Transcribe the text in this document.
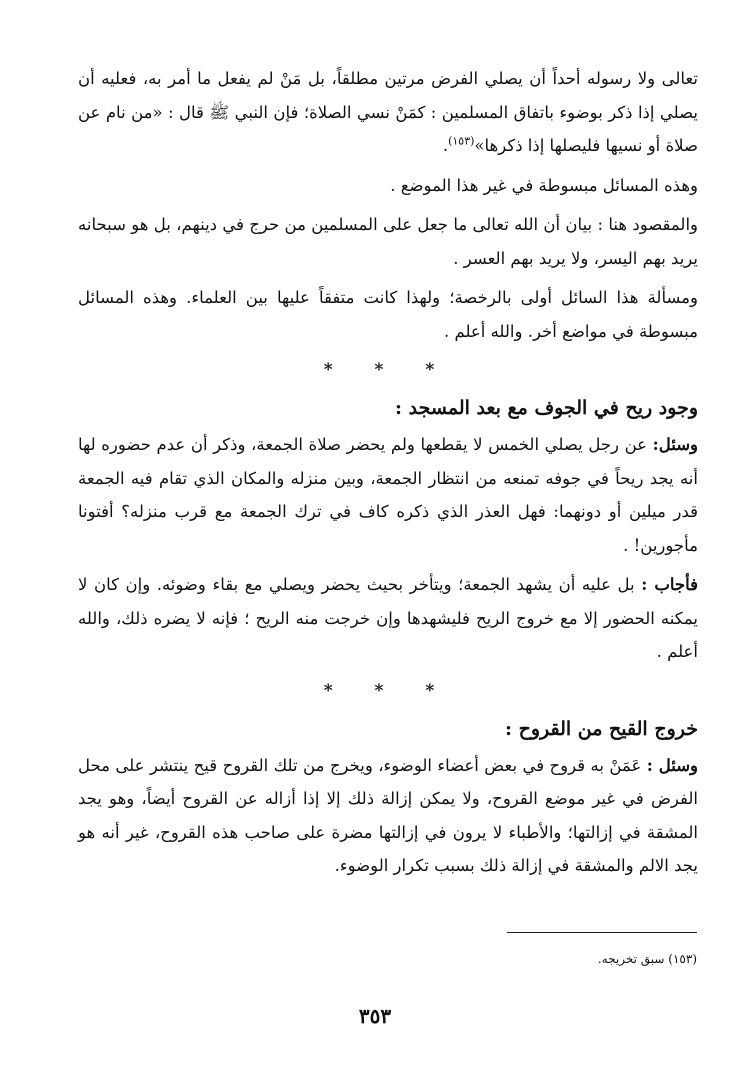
تعالى ولا رسوله أحداً أن يصلي الفرض مرتين مطلقاً، بل مَنْ لم يفعل ما أمر به، فعليه أن يصلي إذا ذكر بوضوء باتفاق المسلمين : كمَنْ نسي الصلاة؛ فإن النبي ﷺ قال : «من نام عن صلاة أو نسيها فليصلها إذا ذكرها»$^{(١٥٣)}$.

وهذه المسائل مبسوطة في غير هذا الموضع .

والمقصود هنا : بيان أن الله تعالى ما جعل على المسلمين من حرج في دينهم، بل هو سبحانه يريد بهم اليسر، ولا يريد بهم العسر .

ومسألة هذا السائل أولى بالرخصة؛ ولهذا كانت متفقاً عليها بين العلماء. وهذه المسائل مبسوطة في مواضع أخر. والله أعلم .

* * *
وجود ريح في الجوف مع بعد المسجد :

وسئل: عن رجل يصلي الخمس لا يقطعها ولم يحضر صلاة الجمعة، وذكر أن عدم حضوره لها أنه يجد ريحاً في جوفه تمنعه من انتظار الجمعة، وبين منزله والمكان الذي تقام فيه الجمعة قدر ميلين أو دونهما: فهل العذر الذي ذكره كاف في ترك الجمعة مع قرب منزله؟ أفتونا مأجورين! .

فأجاب : بل عليه أن يشهد الجمعة؛ ويتأخر بحيث يحضر ويصلي مع بقاء وضوئه. وإن كان لا يمكنه الحضور إلا مع خروج الريح فليشهدها وإن خرجت منه الريح ؛ فإنه لا يضره ذلك، والله أعلم .

* * *
خروج القيح من القروح :

وسئل : عَمَنْ به قروح في بعض أعضاء الوضوء، ويخرج من تلك القروح قيح ينتشر على محل الفرض في غير موضع القروح، ولا يمكن إزالة ذلك إلا إذا أزاله عن القروح أيضاً، وهو يجد المشقة في إزالتها؛ والأطباء لا يرون في إزالتها مضرة على صاحب هذه القروح، غير أنه هو يجد الالم والمشقة في إزالة ذلك بسبب تكرار الوضوء.

(١٥٣) سبق تخريجه.
٣٥٣
